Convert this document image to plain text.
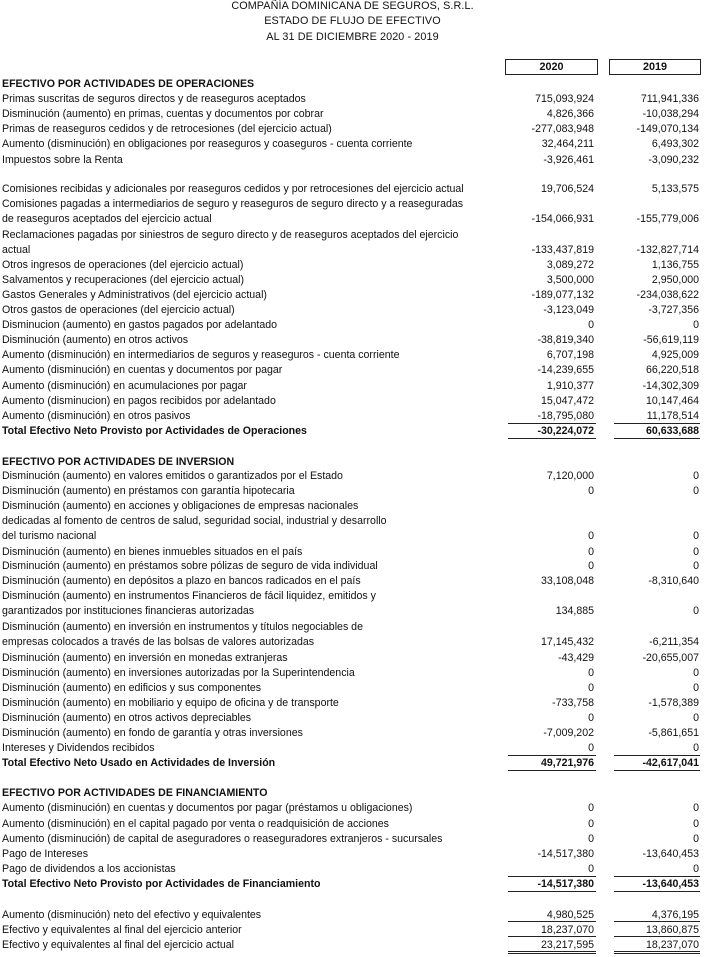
COMPAÑÍA DOMINICANA DE SEGUROS, S.R.L.
ESTADO DE FLUJO DE EFECTIVO
AL 31 DE DICIEMBRE 2020 - 2019
2020	2019
EFECTIVO POR ACTIVIDADES DE OPERACIONES
Primas suscritas de seguros directos y de reaseguros aceptados	715,093,924	711,941,336
Disminución (aumento) en primas, cuentas y documentos por cobrar	4,826,366	-10,038,294
Primas de reaseguros cedidos y de retrocesiones (del ejercicio actual)	-277,083,948	-149,070,134
Aumento (disminución) en obligaciones por reaseguros y coaseguros - cuenta corriente	32,464,211	6,493,302
Impuestos sobre la Renta	-3,926,461	-3,090,232
Comisiones recibidas y adicionales por reaseguros cedidos y por retrocesiones del ejercicio actual	19,706,524	5,133,575
Comisiones pagadas a intermediarios de seguro y reaseguros de seguro directo y a reaseguradas
de reaseguros aceptados del ejercicio actual	-154,066,931	-155,779,006
Reclamaciones pagadas por siniestros de seguro directo y de reaseguros aceptados del ejercicio
actual	-133,437,819	-132,827,714
Otros ingresos de operaciones (del ejercicio actual)	3,089,272	1,136,755
Salvamentos y recuperaciones (del ejercicio actual)	3,500,000	2,950,000
Gastos Generales y Administrativos (del ejercicio actual)	-189,077,132	-234,038,622
Otros gastos de operaciones (del ejercicio actual)	-3,123,049	-3,727,356
Disminucion (aumento) en gastos pagados por adelantado	0	0
Disminución (aumento) en otros activos	-38,819,340	-56,619,119
Aumento (disminución) en intermediarios de seguros y reaseguros - cuenta corriente	6,707,198	4,925,009
Aumento (disminución) en cuentas y documentos por pagar	-14,239,655	66,220,518
Aumento (disminución) en acumulaciones por pagar	1,910,377	-14,302,309
Aumento (disminucion) en pagos recibidos por adelantado	15,047,472	10,147,464
Aumento (disminución) en otros pasivos	-18,795,080	11,178,514
Total Efectivo Neto Provisto por Actividades de Operaciones	-30,224,072	60,633,688
EFECTIVO POR ACTIVIDADES DE INVERSION
Disminución (aumento) en valores emitidos o garantizados por el Estado	7,120,000	0
Disminución (aumento) en préstamos con garantía hipotecaria	0	0
Disminución (aumento) en acciones y obligaciones de empresas nacionales
dedicadas al fomento de centros de salud, seguridad social, industrial y desarrollo
del turismo nacional	0	0
Disminución (aumento) en bienes inmuebles situados en el país	0	0
Disminución (aumento) en préstamos sobre pólizas de seguro de vida individual	0	0
Disminución (aumento) en depósitos a plazo en bancos radicados en el país	33,108,048	-8,310,640
Disminución (aumento) en instrumentos Financieros de fácil liquidez, emitidos y
garantizados por instituciones financieras autorizadas	134,885	0
Disminución (aumento) en inversión en instrumentos y títulos negociables de
empresas colocados a través de las bolsas de valores autorizadas	17,145,432	-6,211,354
Disminución (aumento) en inversión en monedas extranjeras	-43,429	-20,655,007
Disminución (aumento) en inversiones autorizadas por la Superintendencia	0	0
Disminución (aumento) en edificios y sus componentes	0	0
Disminución (aumento) en mobiliario y equipo de oficina y de transporte	-733,758	-1,578,389
Disminución (aumento) en otros activos depreciables	0	0
Disminución (aumento) en fondo de garantía y otras inversiones	-7,009,202	-5,861,651
Intereses y Dividendos recibidos	0	0
Total Efectivo Neto Usado en Actividades de Inversión	49,721,976	-42,617,041
EFECTIVO POR ACTIVIDADES DE FINANCIAMIENTO
Aumento (disminución) en cuentas y documentos por pagar (préstamos u obligaciones)	0	0
Aumento (disminución) en el capital pagado por venta o readquisición de acciones	0	0
Aumento (disminución) de capital de aseguradores o reaseguradores extranjeros - sucursales	0	0
Pago de Intereses	-14,517,380	-13,640,453
Pago de dividendos a los accionistas	0	0
Total Efectivo Neto Provisto por Actividades de Financiamiento	-14,517,380	-13,640,453
Aumento (disminución) neto del efectivo y equivalentes	4,980,525	4,376,195
Efectivo y equivalentes al final del ejercicio anterior	18,237,070	13,860,875
Efectivo y equivalentes al final del ejercicio actual	23,217,595	18,237,070
